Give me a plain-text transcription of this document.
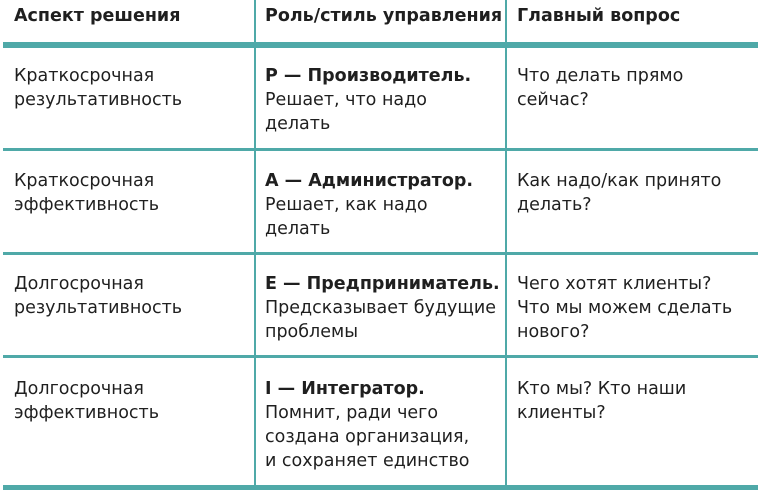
Аспект решения	Роль/стиль управления Главный вопрос
Краткосрочная
результативность
Р — Производитель.
Решает, что надо
делать
Что делать прямо
сейчас?
Краткосрочная
эффективность
А — Администратор.
Решает, как надо
делать
Как надо/как принято
делать?
Долгосрочная
результативность
Е — Предприниматель.
Предсказывает будущие
проблемы
Чего хотят клиенты?
Что мы можем сделать
нового?
Долгосрочная
эффективность
I — Интегратор.
Помнит, ради чего
создана организация,
и сохраняет единство
Кто мы? Кто наши
клиенты?
